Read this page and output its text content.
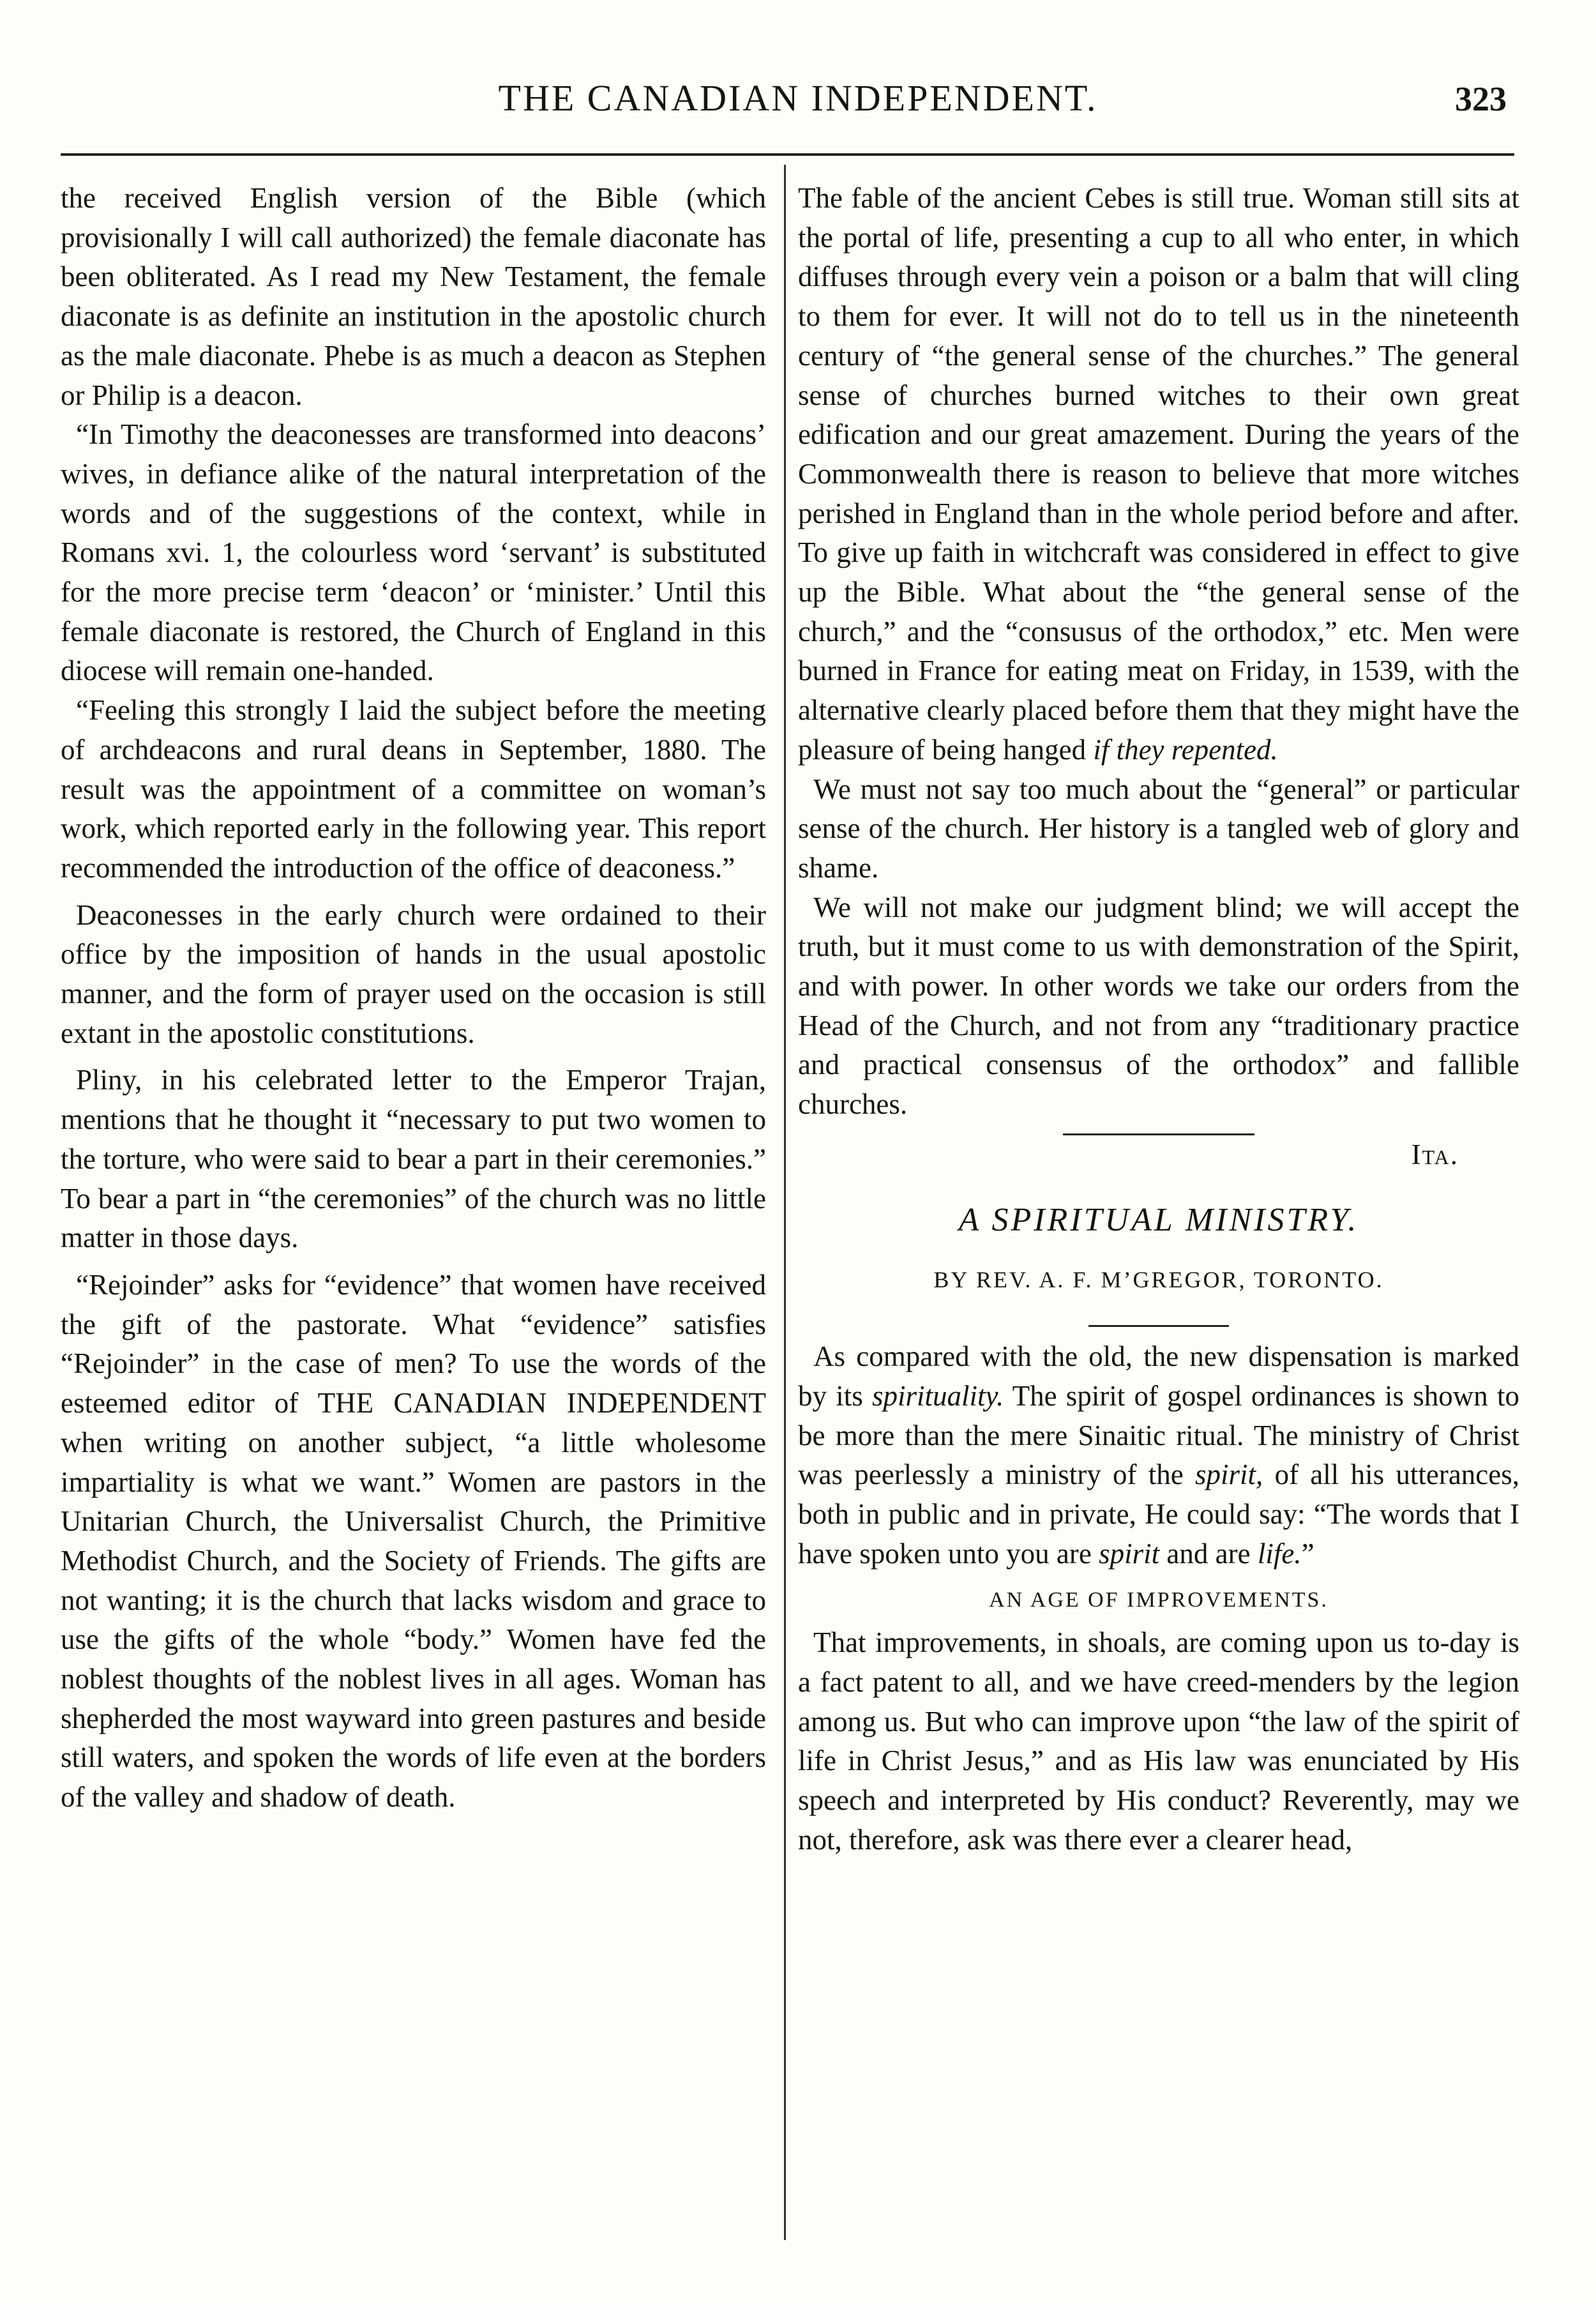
THE CANADIAN INDEPENDENT.	323

the received English version of the Bible (which provisionally I will call authorized) the female diaconate has been obliterated. As I read my New Testament, the female diaconate is as definite an institution in the apostolic church as the male diaconate. Phebe is as much a deacon as Stephen or Philip is a deacon.

“In Timothy the deaconesses are transformed into deacons’ wives, in defiance alike of the natural interpretation of the words and of the suggestions of the context, while in Romans xvi. 1, the colourless word ‘servant’ is substituted for the more precise term ‘deacon’ or ‘minister.’ Until this female diaconate is restored, the Church of England in this diocese will remain one-handed.

“Feeling this strongly I laid the subject before the meeting of archdeacons and rural deans in September, 1880. The result was the appointment of a committee on woman’s work, which reported early in the following year. This report recommended the introduction of the office of deaconess.”

Deaconesses in the early church were ordained to their office by the imposition of hands in the usual apostolic manner, and the form of prayer used on the occasion is still extant in the apostolic constitutions.

Pliny, in his celebrated letter to the Emperor Trajan, mentions that he thought it “necessary to put two women to the torture, who were said to bear a part in their ceremonies.” To bear a part in “the ceremonies” of the church was no little matter in those days.

“Rejoinder” asks for “evidence” that women have received the gift of the pastorate. What “evidence” satisfies “Rejoinder” in the case of men? To use the words of the esteemed editor of THE CANADIAN INDEPENDENT when writing on another subject, “a little wholesome impartiality is what we want.” Women are pastors in the Unitarian Church, the Universalist Church, the Primitive Methodist Church, and the Society of Friends. The gifts are not wanting; it is the church that lacks wisdom and grace to use the gifts of the whole “body.” Women have fed the noblest thoughts of the noblest lives in all ages. Woman has shepherded the most wayward into green pastures and beside still waters, and spoken the words of life even at the borders of the valley and shadow of death.

The fable of the ancient Cebes is still true. Woman still sits at the portal of life, presenting a cup to all who enter, in which diffuses through every vein a poison or a balm that will cling to them for ever. It will not do to tell us in the nineteenth century of “the general sense of the churches.” The general sense of churches burned witches to their own great edification and our great amazement. During the years of the Commonwealth there is reason to believe that more witches perished in England than in the whole period before and after. To give up faith in witchcraft was considered in effect to give up the Bible. What about the “the general sense of the church,” and the “consusus of the orthodox,” etc. Men were burned in France for eating meat on Friday, in 1539, with the alternative clearly placed before them that they might have the pleasure of being hanged if they repented.

We must not say too much about the “general” or particular sense of the church. Her history is a tangled web of glory and shame.

We will not make our judgment blind; we will accept the truth, but it must come to us with demonstration of the Spirit, and with power. In other words we take our orders from the Head of the Church, and not from any “traditionary practice and practical consensus of the orthodox” and fallible churches.

Ita.

A SPIRITUAL MINISTRY.
BY REV. A. F. M’GREGOR, TORONTO.

As compared with the old, the new dispensation is marked by its spirituality. The spirit of gospel ordinances is shown to be more than the mere Sinaitic ritual. The ministry of Christ was peerlessly a ministry of the spirit, of all his utterances, both in public and in private, He could say: “The words that I have spoken unto you are spirit and are life.”

AN AGE OF IMPROVEMENTS.

That improvements, in shoals, are coming upon us to-day is a fact patent to all, and we have creed-menders by the legion among us. But who can improve upon “the law of the spirit of life in Christ Jesus,” and as His law was enunciated by His speech and interpreted by His conduct? Reverently, may we not, therefore, ask was there ever a clearer head,
